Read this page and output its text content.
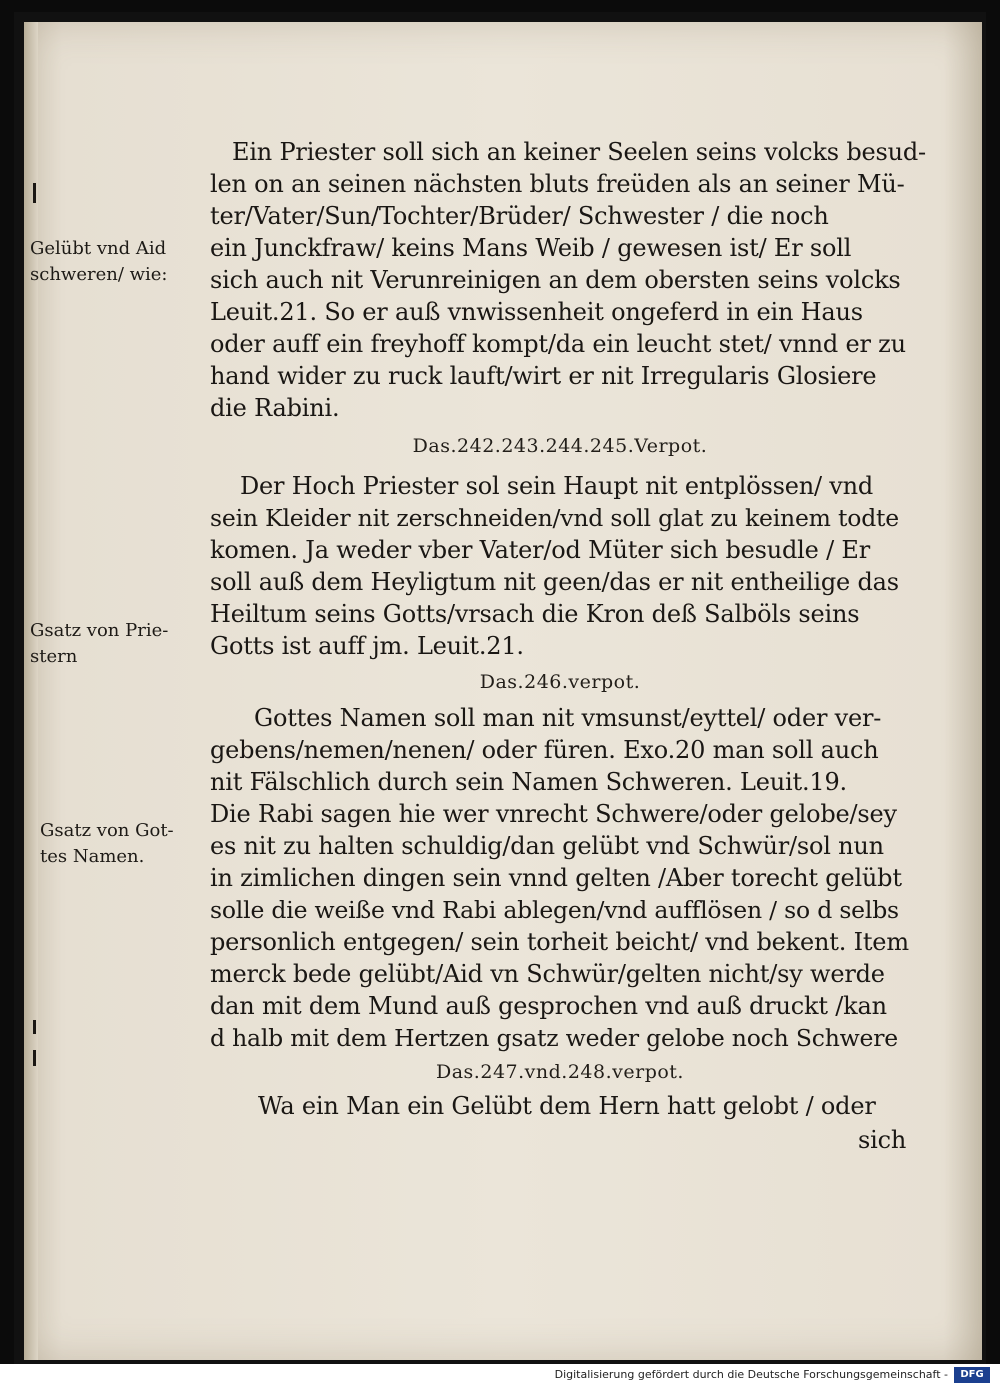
Ein Priester soll sich an keiner Seelen seins volcks besud-
len on an seinen nächsten bluts freüden als an seiner Mü-
ter/Vater/Sun/Tochter/Brüder/ Schwester / die noch
ein Junckfraw/ keins Mans Weib / gewesen ist/ Er soll
sich auch nit Verunreinigen an dem obersten seins volcks
Leuit.21. So er auß vnwissenheit ongeferd in ein Haus
oder auff ein freyhoff kompt/da ein leucht stet/ vnnd er zu
hand wider zu ruck lauft/wirt er nit Irregularis Glosiere
die Rabini.
Das.242.243.244.245.Verpot.
Der Hoch Priester sol sein Haupt nit entplössen/ vnd
sein Kleider nit zerschneiden/vnd soll glat zu keinem todte
komen. Ja weder vber Vater/od Müter sich besudle / Er
soll auß dem Heyligtum nit geen/das er nit entheilige das
Heiltum seins Gotts/vrsach die Kron deß Salböls seins
Gotts ist auff jm. Leuit.21.
Das.246.verpot.
Gottes Namen soll man nit vmsunst/eyttel/ oder ver-
gebens/nemen/nenen/ oder füren. Exo.20 man soll auch
nit Fälschlich durch sein Namen Schweren. Leuit.19.
Die Rabi sagen hie wer vnrecht Schwere/oder gelobe/sey
es nit zu halten schuldig/dan gelübt vnd Schwür/sol nun
in zimlichen dingen sein vnnd gelten /Aber torecht gelübt
solle die weiße vnd Rabi ablegen/vnd aufflösen / so d selbs
personlich entgegen/ sein torheit beicht/ vnd bekent. Item
merck bede gelübt/Aid vn Schwür/gelten nicht/sy werde
dan mit dem Mund auß gesprochen vnd auß druckt /kan
d halb mit dem Hertzen gsatz weder gelobe noch Schwere
Das.247.vnd.248.verpot.
Wa ein Man ein Gelübt dem Hern hatt gelobt / oder
sich
Gelübt vnd Aid
schweren/ wie:
Gsatz von Prie-
stern
Gsatz von Got-
tes Namen.
Digitalisierung gefördert durch die Deutsche Forschungsgemeinschaft -	DFG
